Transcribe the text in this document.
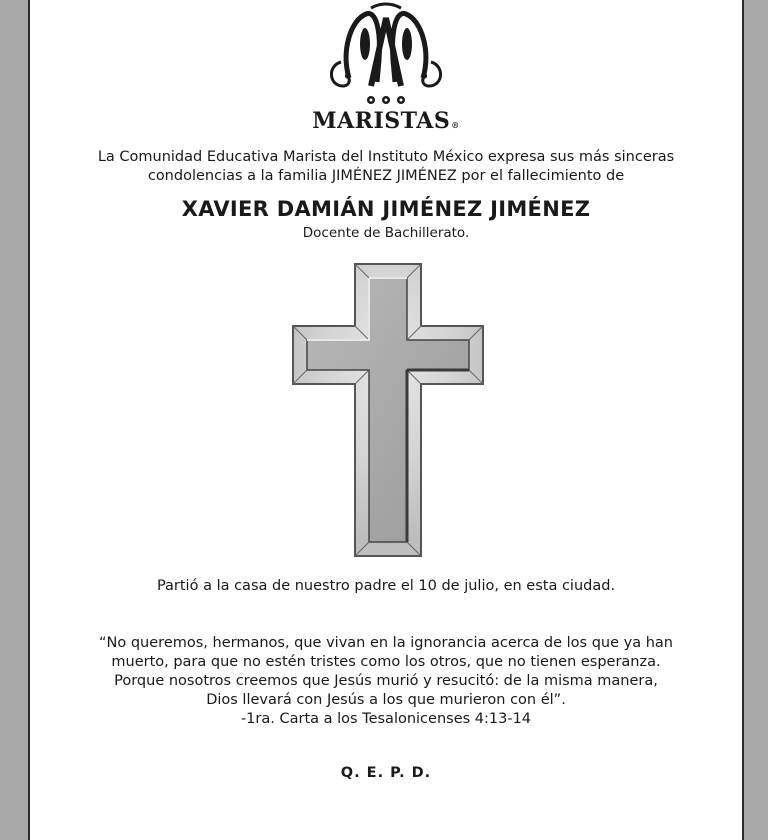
MARISTAS®
La Comunidad Educativa Marista del Instituto México expresa sus más sinceras
condolencias a la familia JIMÉNEZ JIMÉNEZ por el fallecimiento de
XAVIER DAMIÁN JIMÉNEZ JIMÉNEZ
Docente de Bachillerato.
Partió a la casa de nuestro padre el 10 de julio, en esta ciudad.
“No queremos, hermanos, que vivan en la ignorancia acerca de los que ya han
muerto, para que no estén tristes como los otros, que no tienen esperanza.
Porque nosotros creemos que Jesús murió y resucitó: de la misma manera,
Dios llevará con Jesús a los que murieron con él”.
-1ra. Carta a los Tesalonicenses 4:13-14
Q. E. P. D.
